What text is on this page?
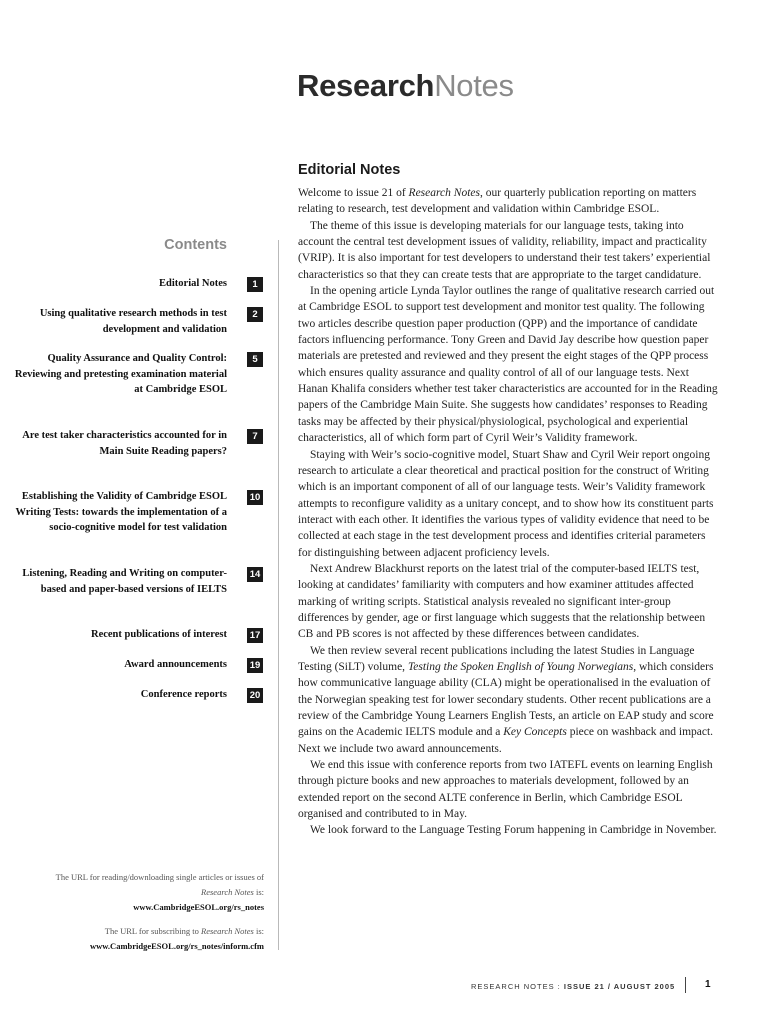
ResearchNotes
Contents
Editorial Notes	1
Using qualitative research methods in test development and validation
2
Quality Assurance and Quality Control: Reviewing and pretesting examination material at Cambridge ESOL
5
Are test taker characteristics accounted for in Main Suite Reading papers?
7
Establishing the Validity of Cambridge ESOL Writing Tests: towards the implementation of a socio-cognitive model for test validation
10
Listening, Reading and Writing on computer-based and paper-based versions of IELTS
14
Recent publications of interest 17
Award announcements 19
Conference reports 20
The URL for reading/downloading single articles or issues of Research Notes is:
www.CambridgeESOL.org/rs_notes
The URL for subscribing to Research Notes is:
www.CambridgeESOL.org/rs_notes/inform.cfm
Editorial Notes

Welcome to issue 21 of Research Notes, our quarterly publication reporting on matters relating to research, test development and validation within Cambridge ESOL.

The theme of this issue is developing materials for our language tests, taking into account the central test development issues of validity, reliability, impact and practicality (VRIP). It is also important for test developers to understand their test takers’ experiential characteristics so that they can create tests that are appropriate to the target candidature.

In the opening article Lynda Taylor outlines the range of qualitative research carried out at Cambridge ESOL to support test development and monitor test quality. The following two articles describe question paper production (QPP) and the importance of candidate factors influencing performance. Tony Green and David Jay describe how question paper materials are pretested and reviewed and they present the eight stages of the QPP process which ensures quality assurance and quality control of all of our language tests. Next Hanan Khalifa considers whether test taker characteristics are accounted for in the Reading papers of the Cambridge Main Suite. She suggests how candidates’ responses to Reading tasks may be affected by their physical/physiological, psychological and experiential characteristics, all of which form part of Cyril Weir’s Validity framework.

Staying with Weir’s socio-cognitive model, Stuart Shaw and Cyril Weir report ongoing research to articulate a clear theoretical and practical position for the construct of Writing which is an important component of all of our language tests. Weir’s Validity framework attempts to reconfigure validity as a unitary concept, and to show how its constituent parts interact with each other. It identifies the various types of validity evidence that need to be collected at each stage in the test development process and identifies criterial parameters for distinguishing between adjacent proficiency levels.

Next Andrew Blackhurst reports on the latest trial of the computer-based IELTS test, looking at candidates’ familiarity with computers and how examiner attitudes affected marking of writing scripts. Statistical analysis revealed no significant inter-group differences by gender, age or first language which suggests that the relationship between CB and PB scores is not affected by these differences between candidates.

We then review several recent publications including the latest Studies in Language Testing (SiLT) volume, Testing the Spoken English of Young Norwegians, which considers how communicative language ability (CLA) might be operationalised in the evaluation of the Norwegian speaking test for lower secondary students. Other recent publications are a review of the Cambridge Young Learners English Tests, an article on EAP study and score gains on the Academic IELTS module and a Key Concepts piece on washback and impact. Next we include two award announcements.

We end this issue with conference reports from two IATEFL events on learning English through picture books and new approaches to materials development, followed by an extended report on the second ALTE conference in Berlin, which Cambridge ESOL organised and contributed to in May.

We look forward to the Language Testing Forum happening in Cambridge in November.

RESEARCH NOTES : ISSUE 21 / AUGUST 2005	1
